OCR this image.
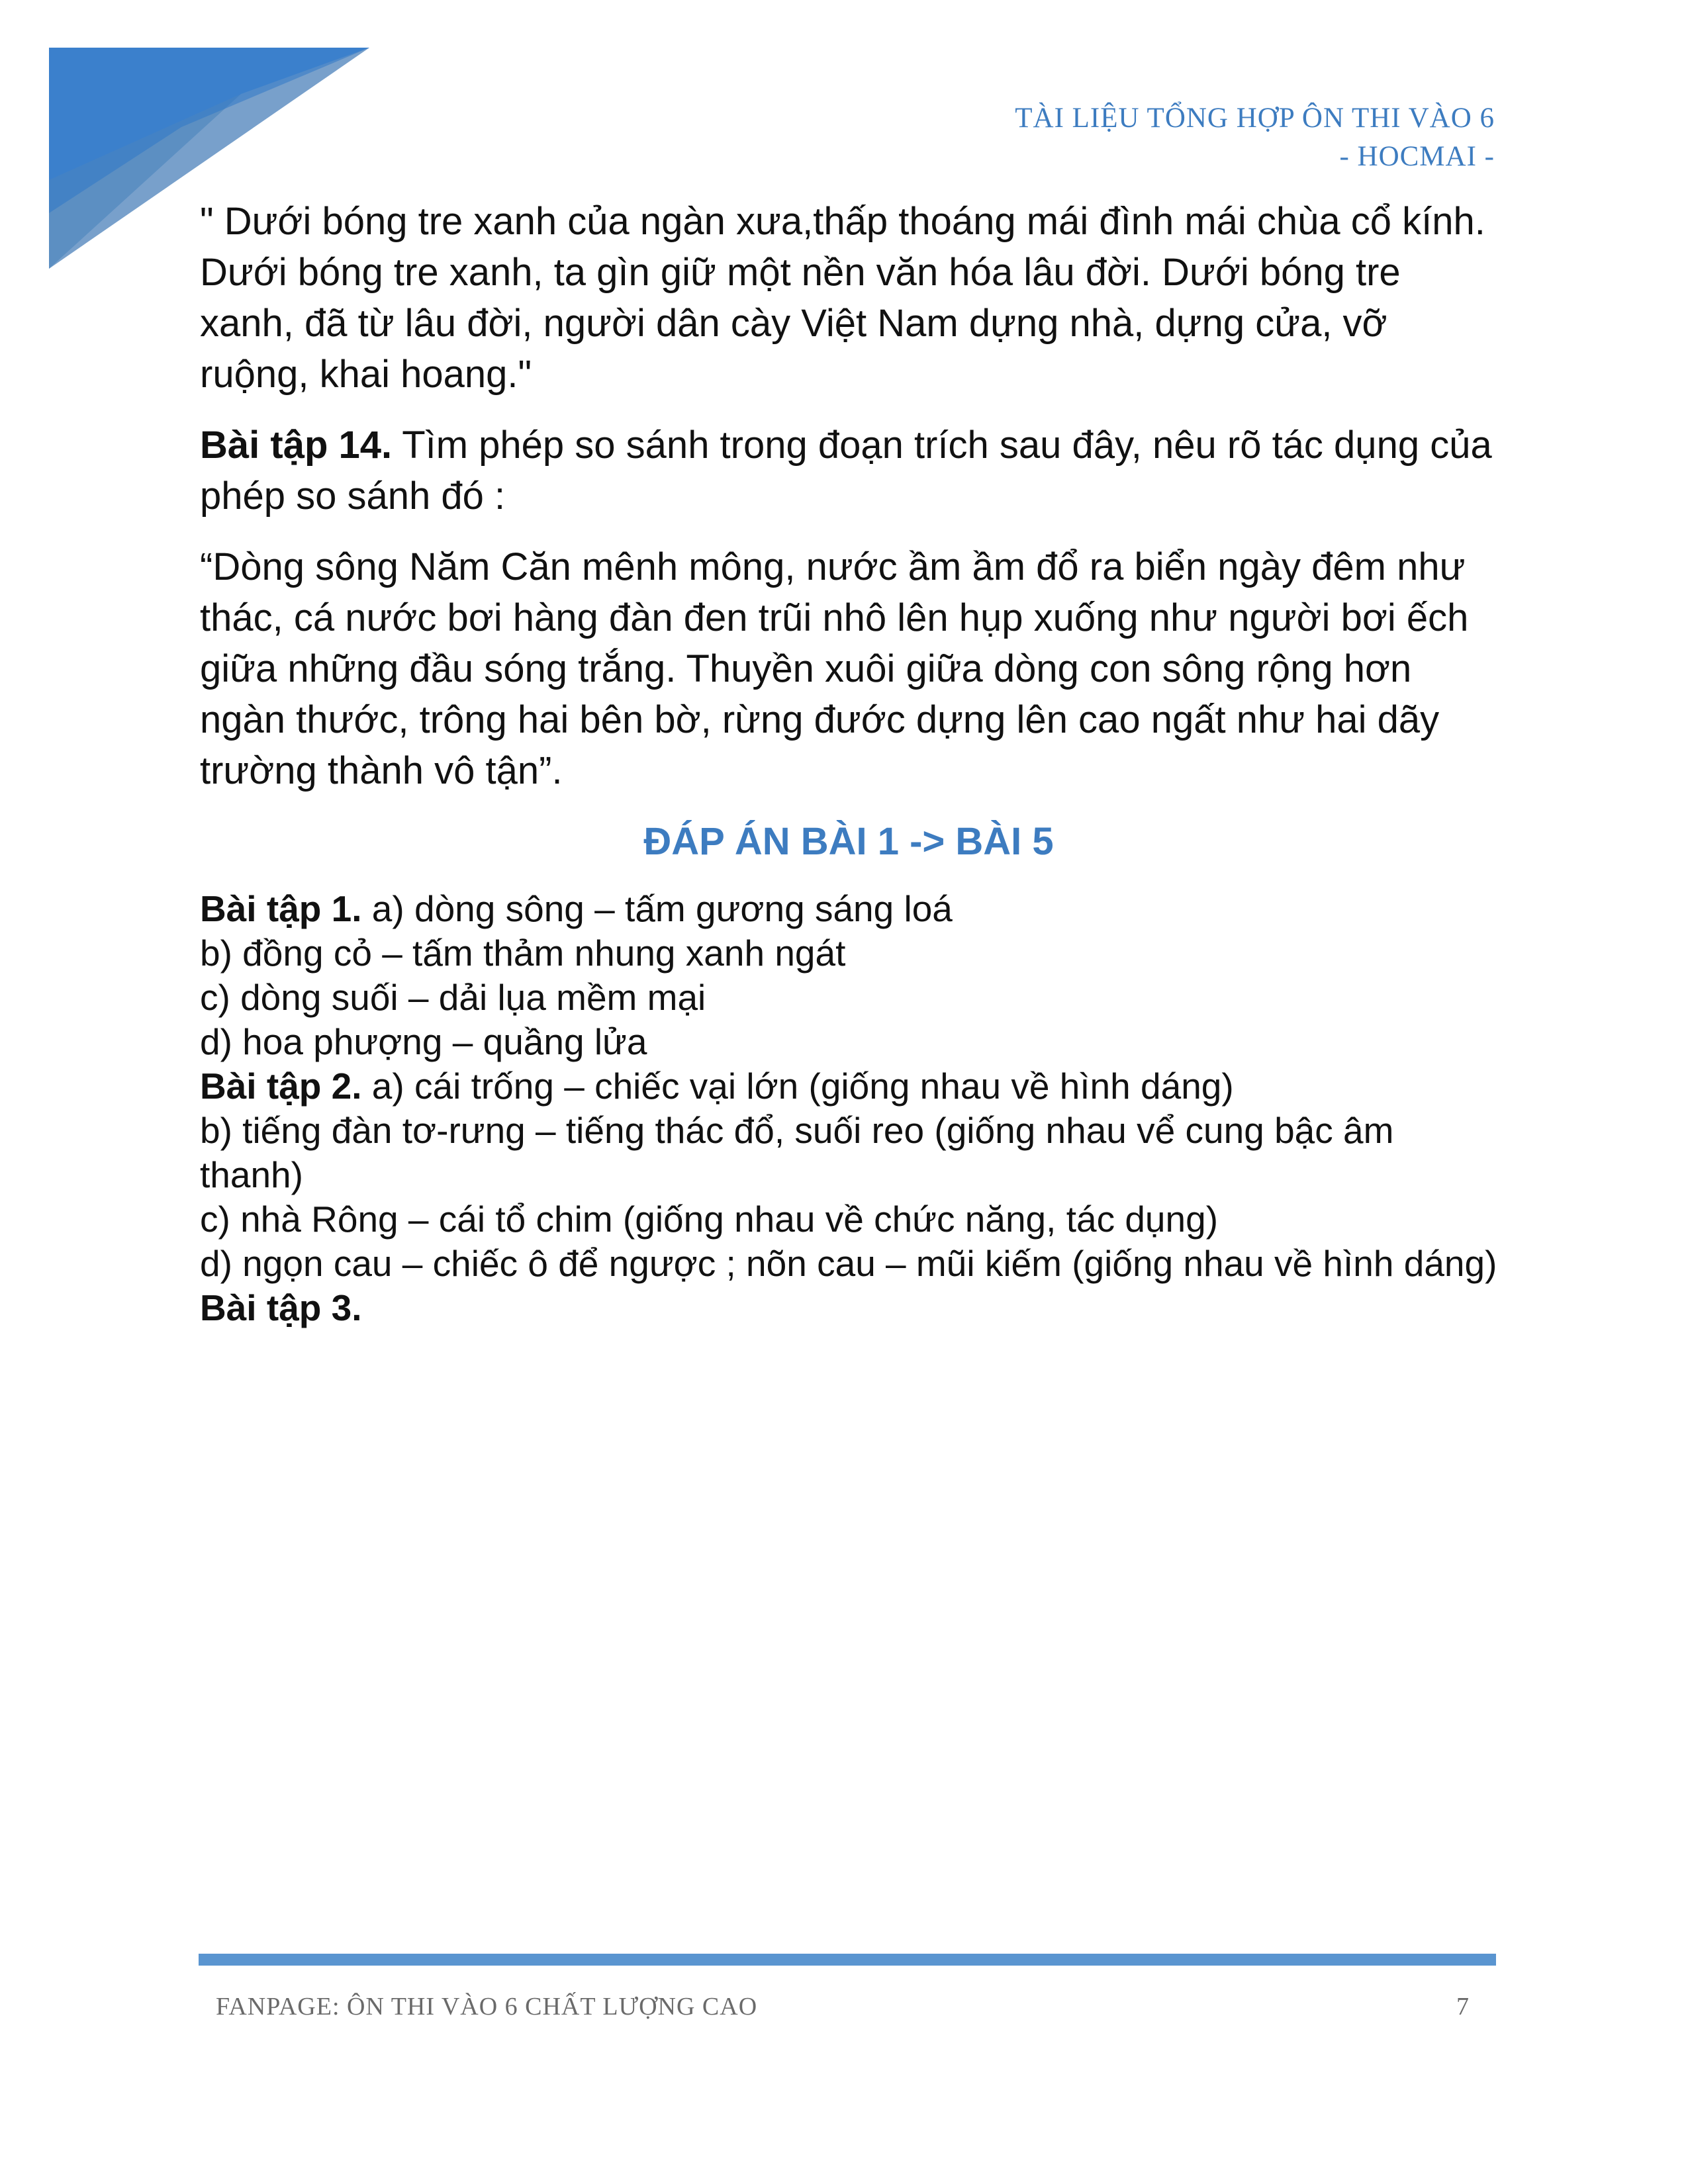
TÀI LIỆU TỔNG HỢP ÔN THI VÀO 6
- HOCMAI -

" Dưới bóng tre xanh của ngàn xưa,thấp thoáng mái đình mái chùa cổ kính. Dưới bóng tre xanh, ta gìn giữ một nền văn hóa lâu đời. Dưới bóng tre xanh, đã từ lâu đời, người dân cày Việt Nam dựng nhà, dựng cửa, vỡ ruộng, khai hoang."

Bài tập 14. Tìm phép so sánh trong đoạn trích sau đây, nêu rõ tác dụng của phép so sánh đó :

“Dòng sông Năm Căn mênh mông, nước ầm ầm đổ ra biển ngày đêm như thác, cá nước bơi hàng đàn đen trũi nhô lên hụp xuống như người bơi ếch giữa những đầu sóng trắng. Thuyền xuôi giữa dòng con sông rộng hơn ngàn thước, trông hai bên bờ, rừng đước dựng lên cao ngất như hai dãy trường thành vô tận”.

ĐÁP ÁN BÀI 1 -> BÀI 5
Bài tập 1. a) dòng sông – tấm gương sáng loá
b) đồng cỏ – tấm thảm nhung xanh ngát
c) dòng suối – dải lụa mềm mại
d) hoa phượng – quầng lửa
Bài tập 2. a) cái trống – chiếc vại lớn (giống nhau về hình dáng)
b) tiếng đàn tơ-rưng – tiếng thác đổ, suối reo (giống nhau vể cung bậc âm thanh)
c) nhà Rông – cái tổ chim (giống nhau về chức năng, tác dụng)
d) ngọn cau – chiếc ô để ngược ; nõn cau – mũi kiếm (giống nhau về hình dáng)
Bài tập 3.
FANPAGE: ÔN THI VÀO 6 CHẤT LƯỢNG CAO	7
